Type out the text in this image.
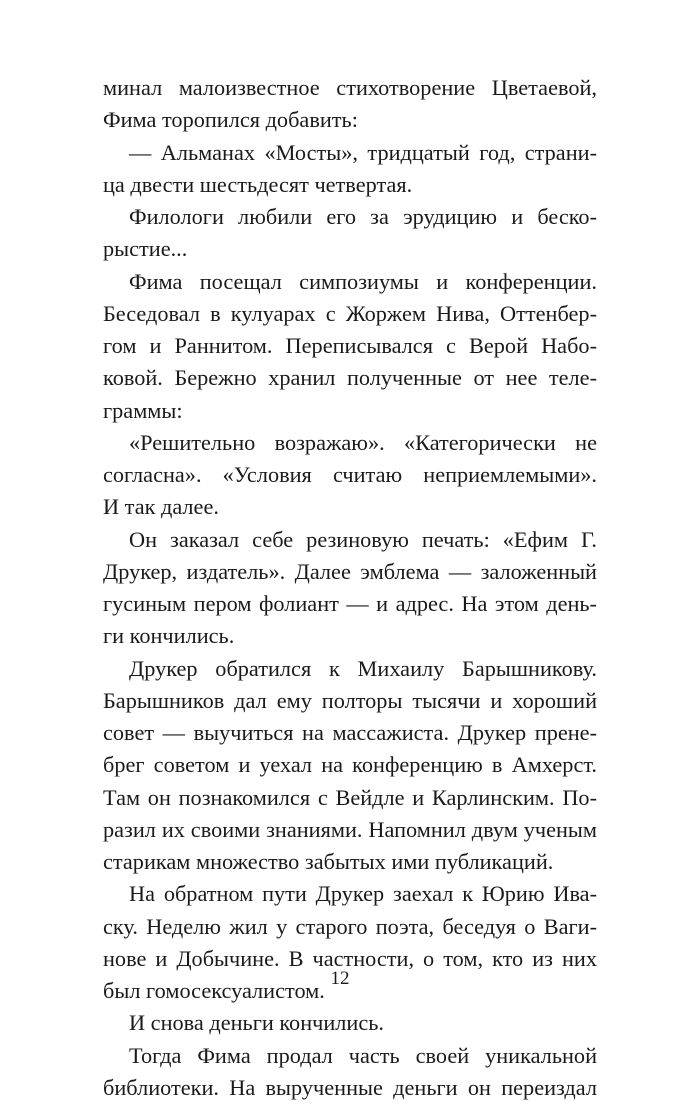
минал малоизвестное стихотворение Цветаевой,
Фима торопился добавить:
— Альманах «Мосты», тридцатый год, страни-
ца двести шестьдесят четвертая.
Филологи любили его за эрудицию и беско-
рыстие...
Фима посещал симпозиумы и конференции.
Беседовал в кулуарах с Жоржем Нива, Оттенбер-
гом и Раннитом. Переписывался с Верой Набо-
ковой. Бережно хранил полученные от нее теле-
граммы:
«Решительно возражаю». «Категорически не
согласна». «Условия считаю неприемлемыми».
И так далее.
Он заказал себе резиновую печать: «Ефим Г.
Друкер, издатель». Далее эмблема — заложенный
гусиным пером фолиант — и адрес. На этом день-
ги кончились.
Друкер обратился к Михаилу Барышникову.
Барышников дал ему полторы тысячи и хороший
совет — выучиться на массажиста. Друкер прене-
брег советом и уехал на конференцию в Амхерст.
Там он познакомился с Вейдле и Карлинским. По-
разил их своими знаниями. Напомнил двум ученым
старикам множество забытых ими публикаций.
На обратном пути Друкер заехал к Юрию Ива-
ску. Неделю жил у старого поэта, беседуя о Ваги-
нове и Добычине. В частности, о том, кто из них
был гомосексуалистом.
И снова деньги кончились.
Тогда Фима продал часть своей уникальной
библиотеки. На вырученные деньги он переиздал
12
